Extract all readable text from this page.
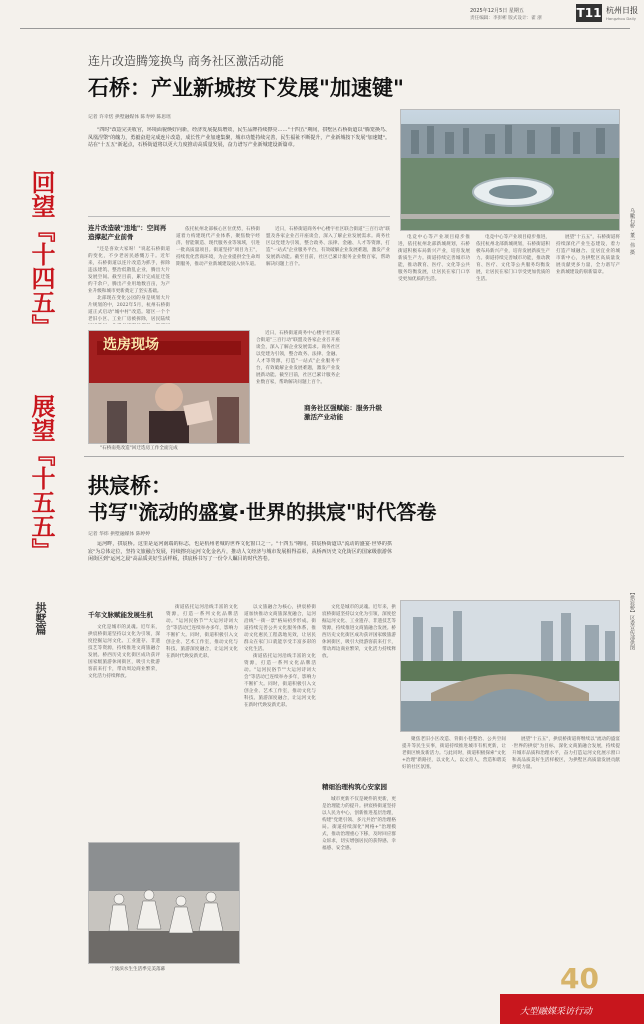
2025年12月5日 星期五
责任编辑：李彭彬 版式设计：翟 浙	T11 杭州日报
Hangzhou Daily
回望『十四五』
展望『十五五』
拱墅篇
乌瞰石桥 · 董一伟 摄
【拱宸桥】区委宣传部供图
连片改造腾笼换鸟 商务社区激活动能
石桥：产业新城按下发展"加速键"
记者 许幸恬 拱墅融媒体 陈寿婷 陈思瑶

"四时"改造完美收官，环境面貌焕好向新，经济发展提质增效，民生品牌持续擦亮……"十四五"期间，拱墅区石桥街道以"腾笼换鸟、凤凰涅槃"的魄力，勇毅奋进完成连片改造，成长性产业加速集聚，城市功能持续完善，民生福祉不断提升，产业新城按下发展"加速键"。站在"十五五"新起点，石桥街道将以更大力度推动高质量发展，奋力谱写产业新城建设新篇章。

连片改造破"违地"：空间再造撑起产业前骨

"还是喜欢大家呀！"说起石桥街道的变化，不少老居民感慨万千。近年来，石桥街道以连片改造为抓手，拆除违法建筑、整治低散乱企业，腾出大片发展空间。截至目前，累计完成征迁签约千余户，腾出产业用地数百亩，为产业升级和城市更新奠定了坚实基础。

北部现在变化公园的身是规划大片片规划的中，2022年5月，杭州石桥街道正式启动"城中村"改造。辖区一个个老旧小区、工业厂房被拆除，居民陆续

依托杭州北部核心区位优势，石桥街道着力构建现代产业体系，聚焦数字经济、智能制造、现代服务业等领域，引进一批高质量项目。街道坚持"项目为王"，持续优化营商环境，为企业提供全生命周期服务，推动产业新城建设驶入快车道。

近日，石桥街道商务中心楼宇社区联合街道"三百行动"联盟及各家企业召开座谈会，深入了解企业发展需求。商务社区以党建为引领，整合政务、法律、金融、人才等资源，打造"一站式"企业服务平台，有效破解企业发展难题，激发产业发展新动能。截至目前，社区已累计服务企业数百家，帮助解决问题上百个。

选房现场
"石桥南苑改造"回迁选房工作全面完成

近日，石桥街道商务中心楼宇社区联合街道"三百行动"联盟及各家企业召开座谈会，深入了解企业发展需求。商务社区以党建为引领，整合政务、法律、金融、人才等资源，打造"一站式"企业服务平台，有效破解企业发展难题，激发产业发展新动能。截至目前，社区已累计服务企业数百家，帮助解决问题上百个。

商务社区强赋能：服务升级激活产业动能

电竞中心等产业项目稳步推进，依托杭州北部新城规划，石桥街道积极布局新兴产业，培育发展新质生产力。街道持续完善城市功能，推动教育、医疗、文化等公共服务均衡发展，让居民在家门口享受更加优质的生活。

电竞中心等产业项目稳步推进，依托杭州北部新城规划，石桥街道积极布局新兴产业，培育发展新质生产力。街道持续完善城市功能，推动教育、医疗、文化等公共服务均衡发展，让居民在家门口享受更加优质的生活。

展望"十五五"，石桥街道将持续深化产业生态建设，着力打造产城融合、宜居宜业的城市新中心，为拱墅区高质量发展贡献更多力量，全力谱写产业新城建设的崭新篇章。

拱宸桥：
书写"流动的盛宴·世界的拱宸"时代答卷
记者 华炜 拱墅融媒体 陈婷婷

运河畔，拱宸桥。这里是运河南端的标志，也是杭州老城的世界文化窗口之一。"十四五"期间，拱宸桥街道以"流动的盛宴·世界的拱宸"为总体定位，坚持文旅融合发展，持续擦亮运河文化金名片，推动人文经济与城市发展相得益彰，从桥西历史文化街区的国家级旅游休闲街区到"运河之晨"高品质美好生活样板，拱宸桥书写了一份令人瞩目的时代答卷。

千年文脉赋能发展生机

文化是城市的灵魂。近年来，拱宸桥街道坚持以文化为引领，深度挖掘运河文化、工业遗存、非遗技艺等资源，持续推进文商旅融合发展。桥西历史文化街区成功获评国家级旅游休闲街区，吸引大批游客前来打卡，带动周边商业繁荣，文化活力持续释放。

街道依托运河沿线丰富的文化资源，打造一系列文化品牌活动。"运河民俗节""大运河诗词大会"等活动已连续举办多年，影响力不断扩大。同时，街道积极引入文创企业、艺术工作室，推动文化与科技、旅游深度融合，让运河文化在新时代焕发新光彩。

以文旅融合为核心，拱宸桥街道加快推动文商旅深度融合，运河沿线"一街一景"格局初步形成。街道持续完善公共文化服务体系，推动文化惠民工程落地见效，让居民群众在家门口就能享受丰富多彩的文化生活。

街道依托运河沿线丰富的文化资源，打造一系列文化品牌活动。"运河民俗节""大运河诗词大会"等活动已连续举办多年，影响力不断扩大。同时，街道积极引入文创企业、艺术工作室，推动文化与科技、旅游深度融合，让运河文化在新时代焕发新光彩。

文化是城市的灵魂。近年来，拱宸桥街道坚持以文化为引领，深度挖掘运河文化、工业遗存、非遗技艺等资源，持续推进文商旅融合发展。桥西历史文化街区成功获评国家级旅游休闲街区，吸引大批游客前来打卡，带动周边商业繁荣，文化活力持续释放。

精细治理构筑心安家园

城市更新不仅是硬件的更新，更是治理能力的提升。拱宸桥街道坚持以人民为中心，创新推进基层治理，构建"党建引领、多元共治"的治理格局。街道持续深化"网格+"治理模式，推动治理重心下移，及时回应群众诉求，切实增强居民的获得感、幸福感、安全感。

聚焦老旧小区改造、背街小巷整治、公共空间提升等民生实事，街道持续推进城市有机更新，让老街区焕发新活力。与此同时，街道积极探索"文化+治理"新路径，以文化人、以文育人，营造和谐美好的社区氛围。

展望"十五五"，拱宸桥街道将继续以"流动的盛宴·世界的拱宸"为目标，深化文商旅融合发展，持续提升城市品质和治理水平，奋力打造运河文化展示窗口和高品质美好生活样板区，为拱墅区高质量发展贡献拱宸力量。

宁波滨水生生活季完美落幕	40
大型融媒采访行动
